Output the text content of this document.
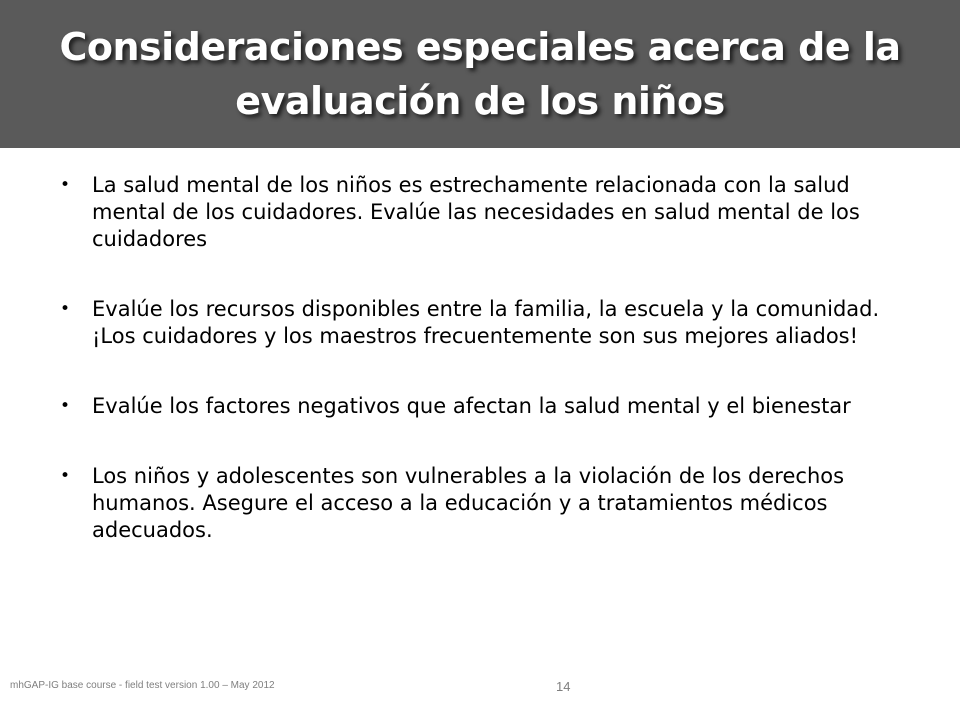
Consideraciones especiales acerca de la evaluación de los niños
• La salud mental de los niños es estrechamente relacionada con la salud mental de los cuidadores. Evalúe las necesidades en salud mental de los cuidadores
• Evalúe los recursos disponibles entre la familia, la escuela y la comunidad. ¡Los cuidadores y los maestros frecuentemente son sus mejores aliados!
• Evalúe los factores negativos que afectan la salud mental y el bienestar
• Los niños y adolescentes son vulnerables a la violación de los derechos humanos. Asegure el acceso a la educación y a tratamientos médicos adecuados.
mhGAP-IG base course - field test version 1.00 – May 2012	14
